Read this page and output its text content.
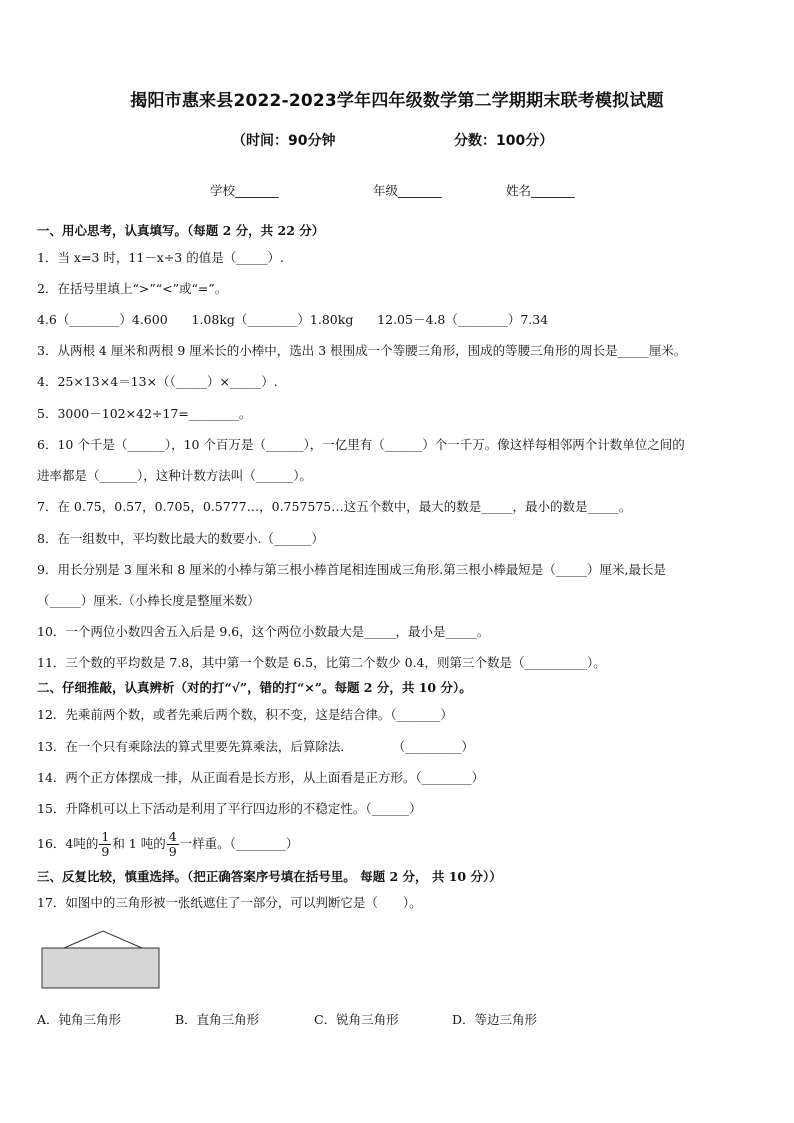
揭阳市惠来县2022-2023学年四年级数学第二学期期末联考模拟试题
（时间：90分钟	分数：100分）
学校_______	年级_______	姓名_______
一、用心思考，认真填写。（每题 2 分，共 22 分）
1．当 x=3 时，11－x÷3 的值是（_____）.
2．在括号里填上“>”“<”或“=”。
4.6（________）4.600      1.08kg（________）1.80kg      12.05－4.8（________）7.34
3．从两根 4 厘米和两根 9 厘米长的小棒中，选出 3 根围成一个等腰三角形，围成的等腰三角形的周长是_____厘米。
4．25×13×4＝13×（（_____）×_____）.
5．3000－102×42÷17=________。
6．10 个千是（______），10 个百万是（______），一亿里有（______）个一千万。像这样每相邻两个计数单位之间的
进率都是（______），这种计数方法叫（______）。
7．在 0.75，0.57，0.705，0.5777…，0.757575…这五个数中，最大的数是_____，最小的数是_____。
8．在一组数中，平均数比最大的数要小.（______）
9．用长分别是 3 厘米和 8 厘米的小棒与第三根小棒首尾相连围成三角形.第三根小棒最短是（_____）厘米,最长是
（_____）厘米.（小棒长度是整厘米数）
10．一个两位小数四舍五入后是 9.6，这个两位小数最大是_____，最小是_____。
11．三个数的平均数是 7.8，其中第一个数是 6.5，比第二个数少 0.4，则第三个数是（__________）。
二、仔细推敲，认真辨析（对的打“√”，错的打“×”。每题 2 分，共 10 分）。
12．先乘前两个数，或者先乘后两个数，积不变，这是结合律。（_______）
13．在一个只有乘除法的算式里要先算乘法，后算除法．          （_________）
14．两个正方体摆成一排，从正面看是长方形，从上面看是正方形。（________）
15．升降机可以上下活动是利用了平行四边形的不稳定性。（______）
16．4吨的 $\frac{1}{9}$ 和 1 吨的 $\frac{4}{9}$ 一样重。（________）
三、反复比较，慎重选择。（把正确答案序号填在括号里。 每题 2 分， 共 10 分））
17．如图中的三角形被一张纸遮住了一部分，可以判断它是（　　）。
A．钝角三角形	B．直角三角形	C．锐角三角形	D．等边三角形
